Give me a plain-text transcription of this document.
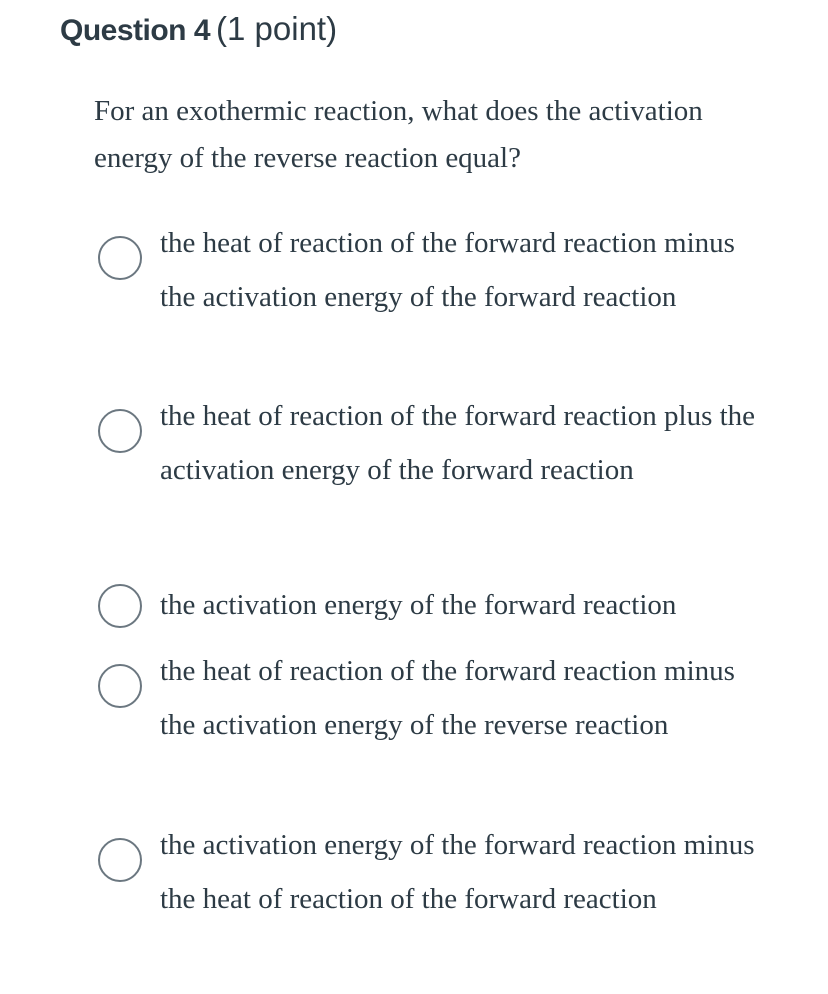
Question 4 (1 point)
For an exothermic reaction, what does the activation energy of the reverse reaction equal?
the heat of reaction of the forward reaction minus the activation energy of the forward reaction
the heat of reaction of the forward reaction plus the activation energy of the forward reaction
the activation energy of the forward reaction
the heat of reaction of the forward reaction minus the activation energy of the reverse reaction
the activation energy of the forward reaction minus the heat of reaction of the forward reaction
